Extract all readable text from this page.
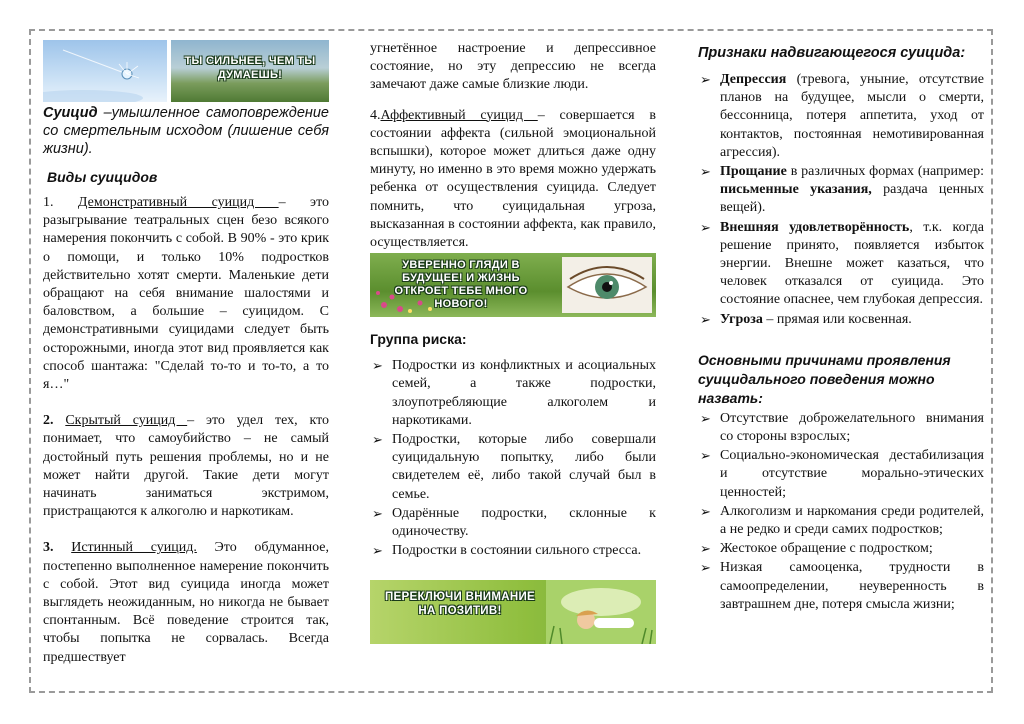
ТЫ СИЛЬНЕЕ, ЧЕМ ТЫ ДУМАЕШЬ!

Суицид –умышленное самоповреждение со смертельным исходом (лишение себя жизни).

Виды суицидов

1. Демонстративный суицид – это разыгрывание театральных сцен безо всякого намерения покончить с собой. В 90% - это крик о помощи, и только 10% подростков действительно хотят смерти. Маленькие дети обращают на себя внимание шалостями и баловством, а большие – суицидом. С демонстративными суицидами следует быть осторожными, иногда этот вид проявляется как способ шантажа: "Сделай то-то и то-то, а то я…"

2. Скрытый суицид – это удел тех, кто понимает, что самоубийство – не самый достойный путь решения проблемы, но и не может найти другой. Такие дети могут начинать заниматься экстримом, пристращаются к алкоголю и наркотикам.

3. Истинный суицид. Это обдуманное, постепенно выполненное намерение покончить с собой. Этот вид суицида иногда может выглядеть неожиданным, но никогда не бывает спонтанным. Всё поведение строится так, чтобы попытка не сорвалась. Всегда предшествует

угнетённое настроение и депрессивное состояние, но эту депрессию не всегда замечают даже самые близкие люди.

4.Аффективный суицид – совершается в состоянии аффекта (сильной эмоциональной вспышки), которое может длиться даже одну минуту, но именно в это время можно удержать ребенка от осуществления суицида. Следует помнить, что суицидальная угроза, высказанная в состоянии аффекта, как правило, осуществляется.

УВЕРЕННО ГЛЯДИ В БУДУЩЕЕ! И ЖИЗНЬ ОТКРОЕТ ТЕБЕ МНОГО НОВОГО!
Группа риска:
➢ Подростки из конфликтных и асоциальных семей, а также подростки, злоупотребляющие алкоголем и наркотиками.
➢ Подростки, которые либо совершали суицидальную попытку, либо были свидетелем её, либо такой случай был в семье.
➢ Одарённые подростки, склонные к одиночеству.
➢ Подростки в состоянии сильного стресса.
ПЕРЕКЛЮЧИ ВНИМАНИЕ НА ПОЗИТИВ!
Признаки надвигающегося суицида:
➢ Депрессия (тревога, уныние, отсутствие планов на будущее, мысли о смерти, бессонница, потеря аппетита, уход от контактов, постоянная немотивированная агрессия).
➢ Прощание в различных формах (например: письменные указания, раздача ценных вещей).
➢ Внешняя удовлетворённость, т.к. когда решение принято, появляется избыток энергии. Внешне может казаться, что человек отказался от суицида. Это состояние опаснее, чем глубокая депрессия.
➢ Угроза – прямая или косвенная.
Основными причинами проявления суицидального поведения можно назвать:
➢ Отсутствие доброжелательного внимания со стороны взрослых;
➢ Социально-экономическая дестабилизация и отсутствие морально-этических ценностей;
➢ Алкоголизм и наркомания среди родителей, а не редко и среди самих подростков;
➢ Жестокое обращение с подростком;
➢ Низкая самооценка, трудности в самоопределении, неуверенность в завтрашнем дне, потеря смысла жизни;
